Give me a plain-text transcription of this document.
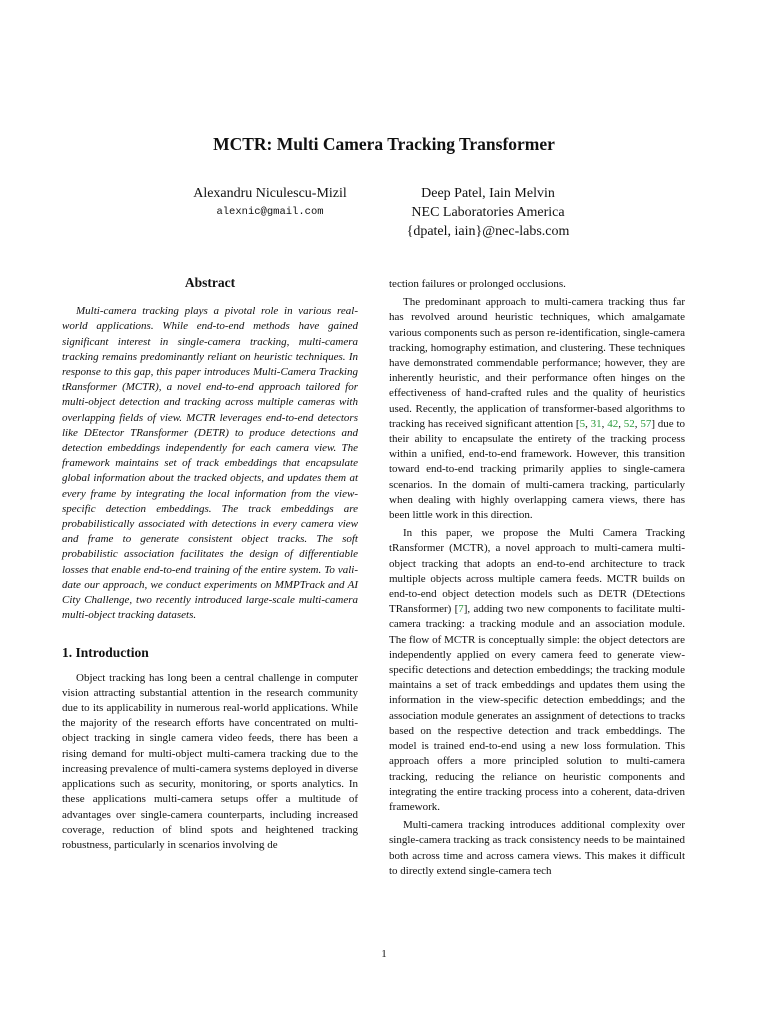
MCTR: Multi Camera Tracking Transformer
Alexandru Niculescu-Mizil
alexnic@gmail.com
Deep Patel, Iain Melvin
NEC Laboratories America
{dpatel, iain}@nec-labs.com
Abstract

Multi-camera tracking plays a pivotal role in various real-world applications. While end-to-end methods have gained significant interest in single-camera tracking, multi-camera tracking remains predominantly reliant on heuristic techniques. In response to this gap, this paper introduces Multi-Camera Tracking tRansformer (MCTR), a novel end-to-end approach tailored for multi-object detection and tracking across multiple cameras with overlapping fields of view. MCTR leverages end-to-end detectors like DEtector TRansformer (DETR) to produce detections and detection embeddings independently for each camera view. The framework maintains set of track embeddings that encapsulate global information about the tracked objects, and updates them at every frame by integrating the local information from the view-specific detection embeddings. The track embeddings are probabilistically associated with detections in every camera view and frame to generate consistent object tracks. The soft probabilistic association facilitates the design of differentiable losses that enable end-to-end training of the entire system. To validate our approach, we conduct experiments on MMPTrack and AI City Challenge, two recently introduced large-scale multi-camera multi-object tracking datasets.

1. Introduction

Object tracking has long been a central challenge in computer vision attracting substantial attention in the research community due to its applicability in numerous real-world applications. While the majority of the research efforts have concentrated on multi-object tracking in single camera video feeds, there has been a rising demand for multi-object multi-camera tracking due to the increasing prevalence of multi-camera systems deployed in diverse applications such as security, monitoring, or sports analytics. In these applications multi-camera setups offer a multitude of advantages over single-camera counterparts, including increased coverage, reduction of blind spots and heightened tracking robustness, particularly in scenarios involving de

tection failures or prolonged occlusions.

The predominant approach to multi-camera tracking thus far has revolved around heuristic techniques, which amalgamate various components such as person re-identification, single-camera tracking, homography estimation, and clustering. These techniques have demonstrated commendable performance; however, they are inherently heuristic, and their performance often hinges on the effectiveness of hand-crafted rules and the quality of heuristics used. Recently, the application of transformer-based algorithms to tracking has received significant attention [5, 31, 42, 52, 57] due to their ability to encapsulate the entirety of the tracking process within a unified, end-to-end framework. However, this transition toward end-to-end tracking primarily applies to single-camera scenarios. In the domain of multi-camera tracking, particularly when dealing with highly overlapping camera views, there has been little work in this direction.

In this paper, we propose the Multi Camera Tracking tRansformer (MCTR), a novel approach to multi-camera multi-object tracking that adopts an end-to-end architecture to track multiple objects across multiple camera feeds. MCTR builds on end-to-end object detection models such as DETR (DEtections TRansformer) [7], adding two new components to facilitate multi-camera tracking: a tracking module and an association module. The flow of MCTR is conceptually simple: the object detectors are independently applied on every camera feed to generate view-specific detections and detection embeddings; the tracking module maintains a set of track embeddings and updates them using the information in the view-specific detection embeddings; and the association module generates an assignment of detections to tracks based on the respective detection and track embeddings. The model is trained end-to-end using a new loss formulation. This approach offers a more principled solution to multi-camera tracking, reducing the reliance on heuristic components and integrating the entire tracking process into a coherent, data-driven framework.

Multi-camera tracking introduces additional complexity over single-camera tracking as track consistency needs to be maintained both across time and across camera views. This makes it difficult to directly extend single-camera tech

1
